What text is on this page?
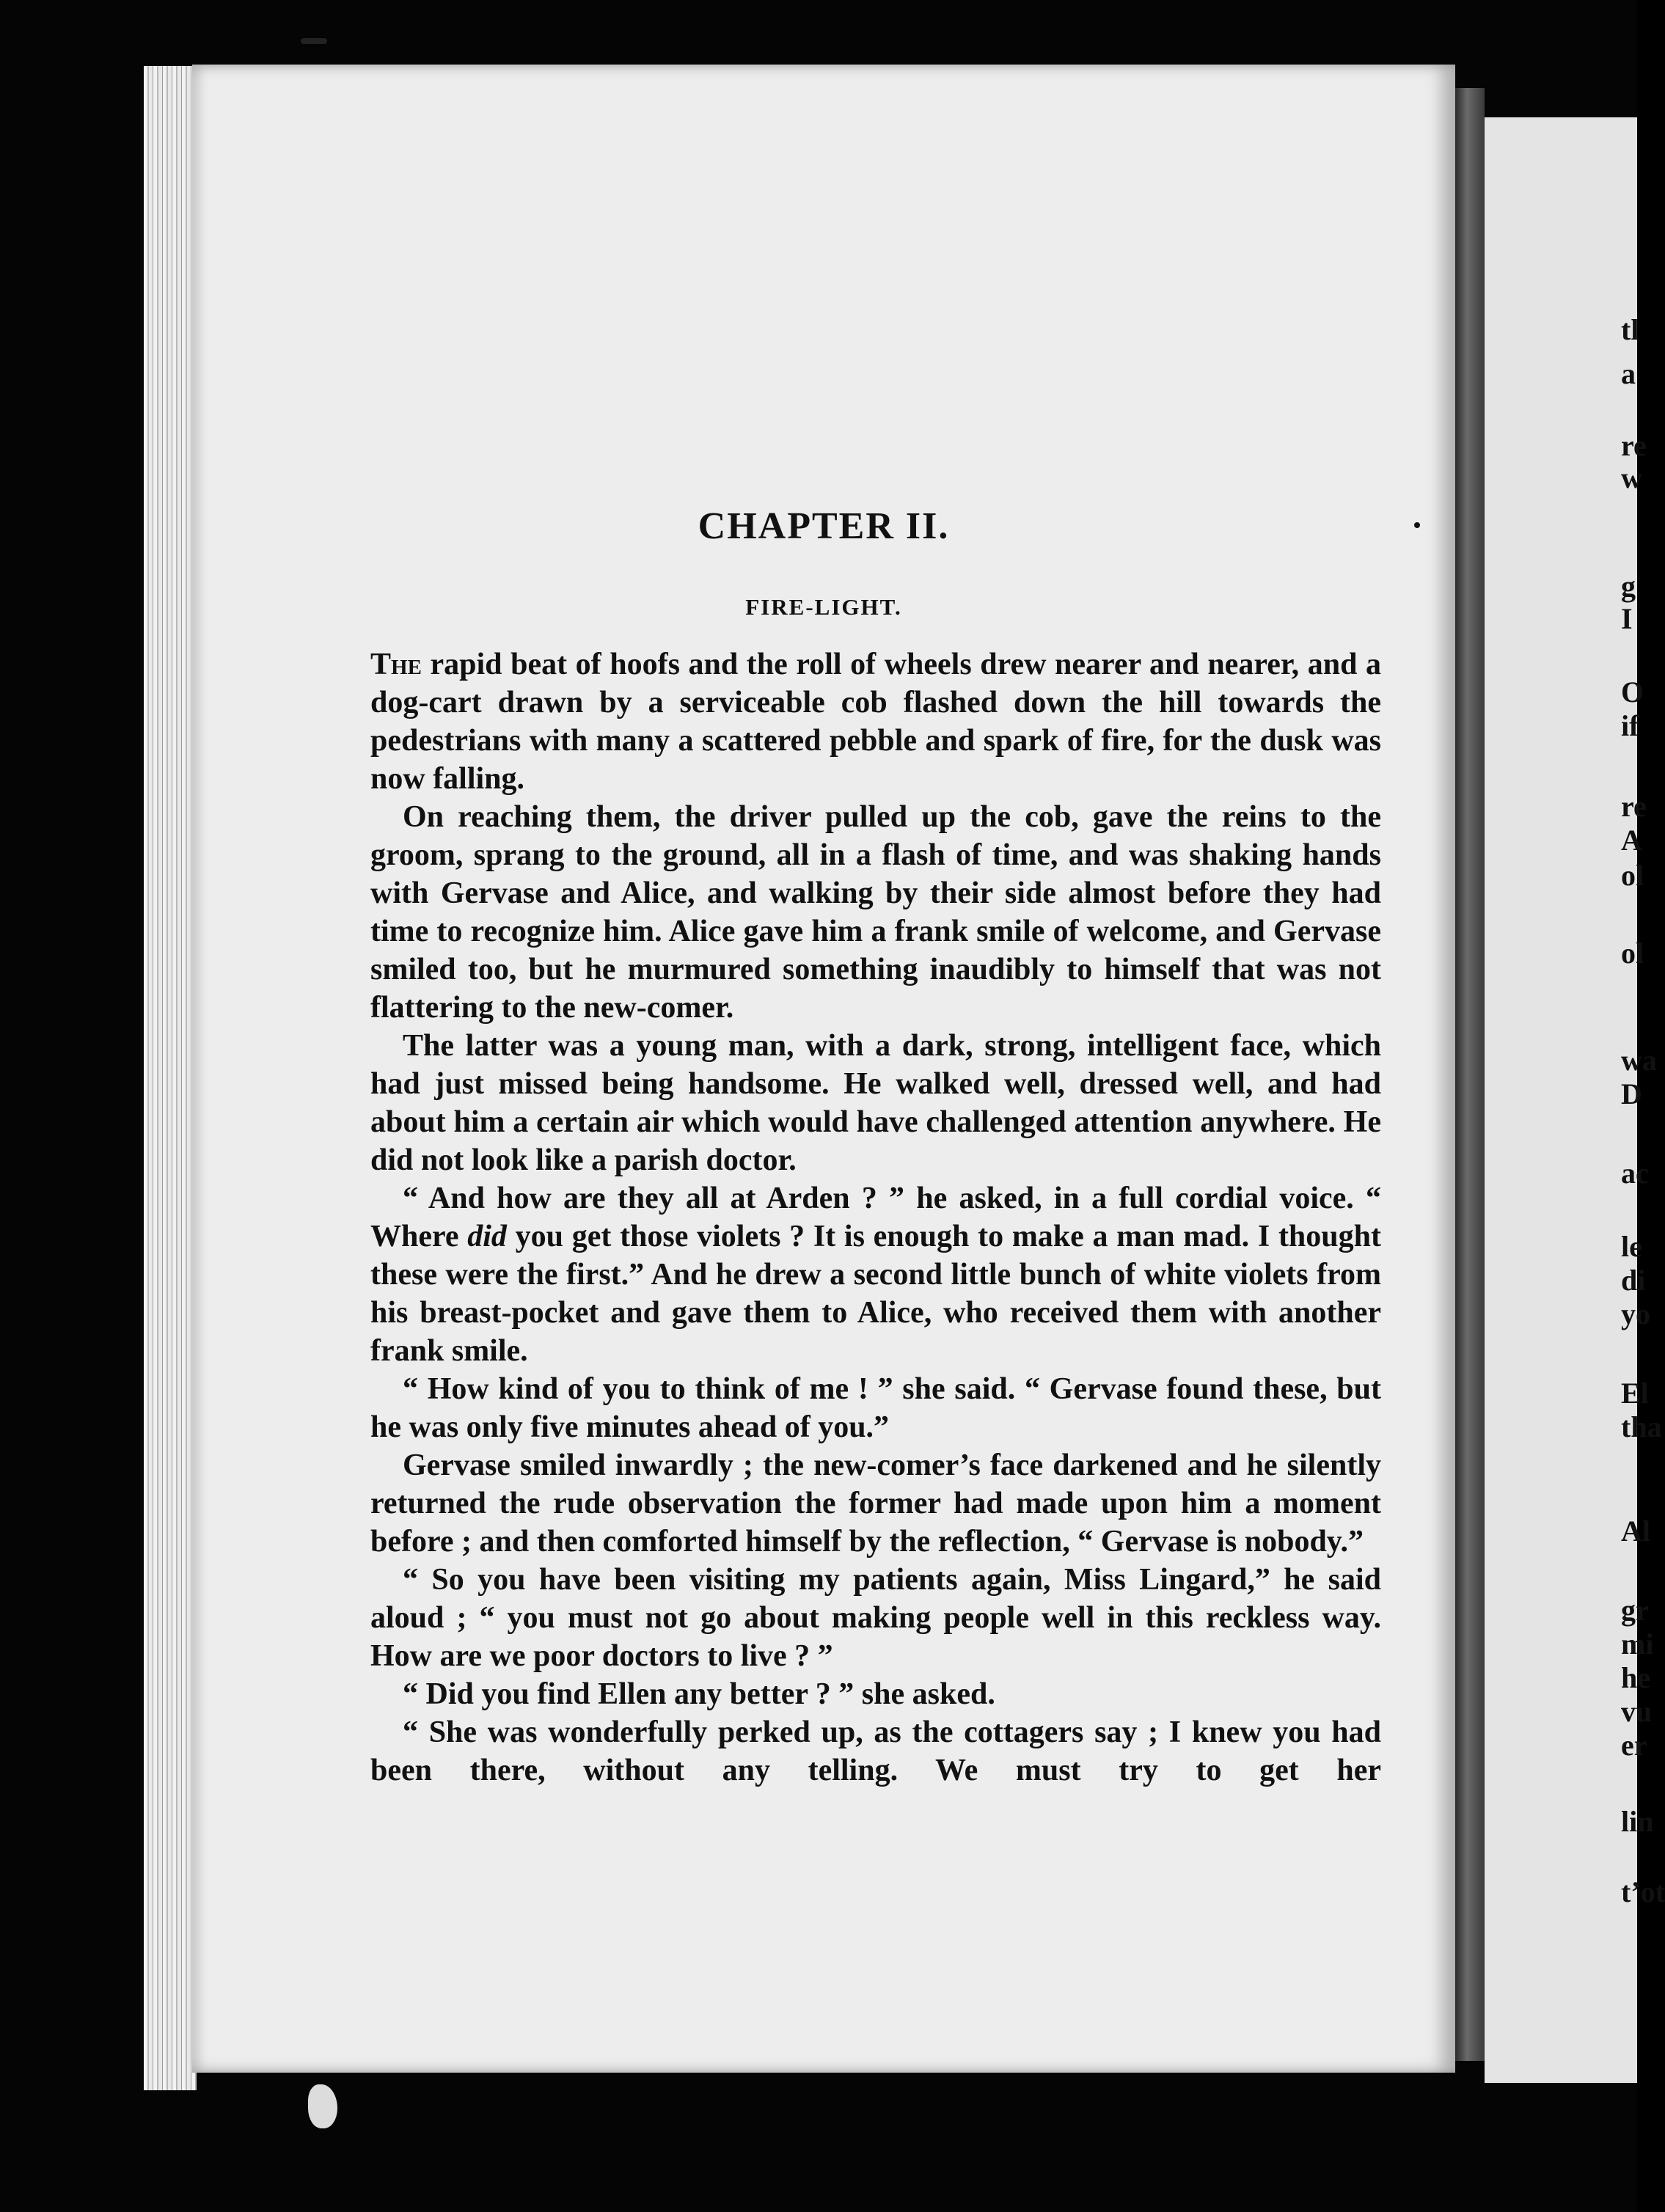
tl
a
re
w
g
I
O
if
re
A
ol
ol
wa
D
ac
le
di
yo
El
tha
Al
gr
mi
he
vu
er
lin
t’ot
CHAPTER II.
FIRE-LIGHT.

The rapid beat of hoofs and the roll of wheels drew nearer and nearer, and a dog-cart drawn by a serviceable cob flashed down the hill towards the pedestrians with many a scattered pebble and spark of fire, for the dusk was now falling.

On reaching them, the driver pulled up the cob, gave the reins to the groom, sprang to the ground, all in a flash of time, and was shaking hands with Gervase and Alice, and walking by their side almost before they had time to recognize him. Alice gave him a frank smile of welcome, and Gervase smiled too, but he murmured something inaudibly to himself that was not flattering to the new-comer.

The latter was a young man, with a dark, strong, intelligent face, which had just missed being handsome. He walked well, dressed well, and had about him a certain air which would have challenged attention anywhere. He did not look like a parish doctor.

“ And how are they all at Arden ? ” he asked, in a full cordial voice. “ Where did you get those violets ? It is enough to make a man mad. I thought these were the first.” And he drew a second little bunch of white violets from his breast-pocket and gave them to Alice, who received them with another frank smile.

“ How kind of you to think of me ! ” she said. “ Gervase found these, but he was only five minutes ahead of you.”

Gervase smiled inwardly ; the new-comer’s face darkened and he silently returned the rude observation the former had made upon him a moment before ; and then comforted himself by the reflection, “ Gervase is nobody.”

“ So you have been visiting my patients again, Miss Lingard,” he said aloud ; “ you must not go about making people well in this reckless way. How are we poor doctors to live ? ”

“ Did you find Ellen any better ? ” she asked.

“ She was wonderfully perked up, as the cottagers say ; I knew you had been there, without any telling. We must try to get her
